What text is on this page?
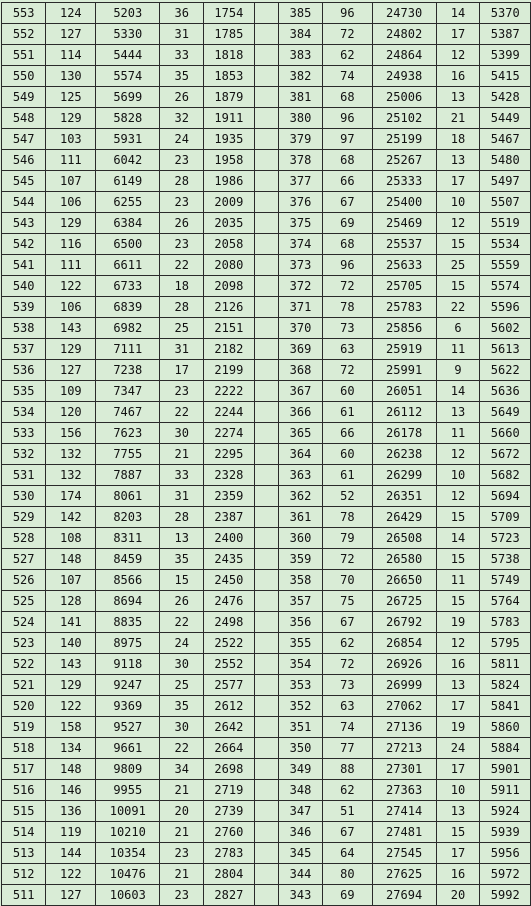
553	124	5203	36	1754		385	96	24730	14	5370
552	127	5330	31	1785		384	72	24802	17	5387
551	114	5444	33	1818		383	62	24864	12	5399
550	130	5574	35	1853		382	74	24938	16	5415
549	125	5699	26	1879		381	68	25006	13	5428
548	129	5828	32	1911		380	96	25102	21	5449
547	103	5931	24	1935		379	97	25199	18	5467
546	111	6042	23	1958		378	68	25267	13	5480
545	107	6149	28	1986		377	66	25333	17	5497
544	106	6255	23	2009		376	67	25400	10	5507
543	129	6384	26	2035		375	69	25469	12	5519
542	116	6500	23	2058		374	68	25537	15	5534
541	111	6611	22	2080		373	96	25633	25	5559
540	122	6733	18	2098		372	72	25705	15	5574
539	106	6839	28	2126		371	78	25783	22	5596
538	143	6982	25	2151		370	73	25856	6	5602
537	129	7111	31	2182		369	63	25919	11	5613
536	127	7238	17	2199		368	72	25991	9	5622
535	109	7347	23	2222		367	60	26051	14	5636
534	120	7467	22	2244		366	61	26112	13	5649
533	156	7623	30	2274		365	66	26178	11	5660
532	132	7755	21	2295		364	60	26238	12	5672
531	132	7887	33	2328		363	61	26299	10	5682
530	174	8061	31	2359		362	52	26351	12	5694
529	142	8203	28	2387		361	78	26429	15	5709
528	108	8311	13	2400		360	79	26508	14	5723
527	148	8459	35	2435		359	72	26580	15	5738
526	107	8566	15	2450		358	70	26650	11	5749
525	128	8694	26	2476		357	75	26725	15	5764
524	141	8835	22	2498		356	67	26792	19	5783
523	140	8975	24	2522		355	62	26854	12	5795
522	143	9118	30	2552		354	72	26926	16	5811
521	129	9247	25	2577		353	73	26999	13	5824
520	122	9369	35	2612		352	63	27062	17	5841
519	158	9527	30	2642		351	74	27136	19	5860
518	134	9661	22	2664		350	77	27213	24	5884
517	148	9809	34	2698		349	88	27301	17	5901
516	146	9955	21	2719		348	62	27363	10	5911
515	136	10091	20	2739		347	51	27414	13	5924
514	119	10210	21	2760		346	67	27481	15	5939
513	144	10354	23	2783		345	64	27545	17	5956
512	122	10476	21	2804		344	80	27625	16	5972
511	127	10603	23	2827		343	69	27694	20	5992
